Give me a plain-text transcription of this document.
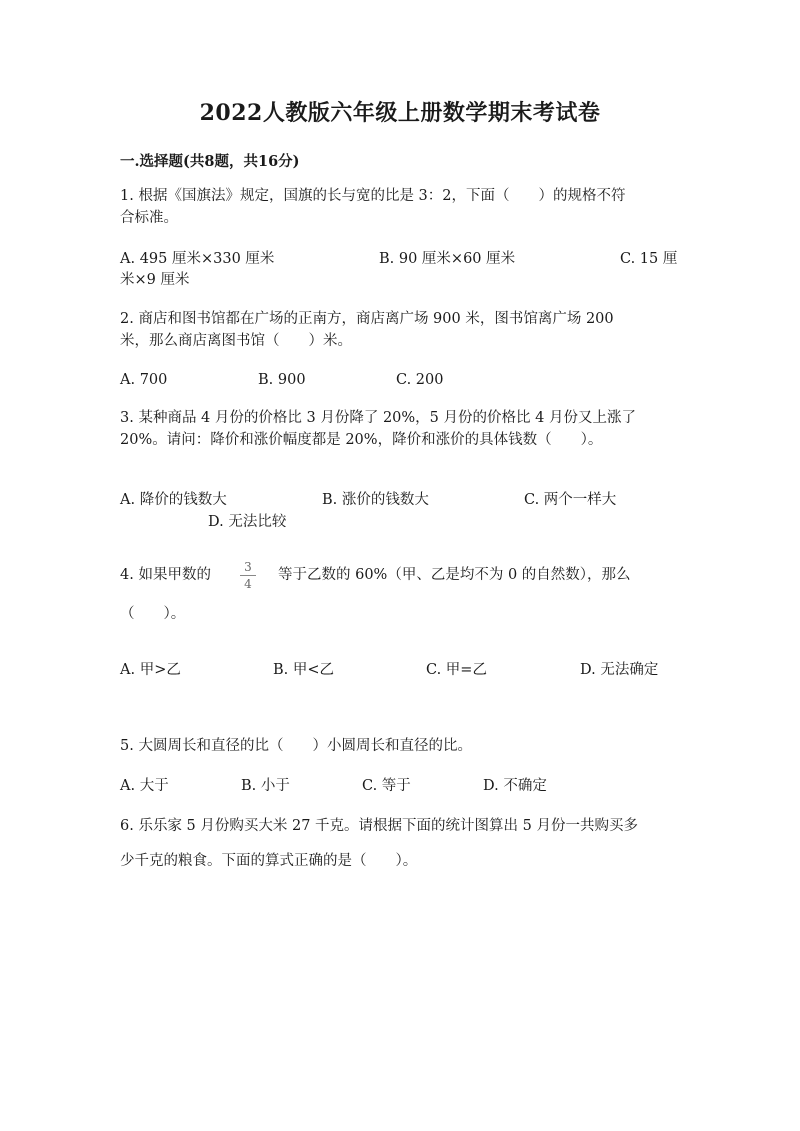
2022人教版六年级上册数学期末考试卷
一.选择题(共8题，共16分)
1. 根据《国旗法》规定，国旗的长与宽的比是 3：2，下面（　　）的规格不符
合标准。
A. 495 厘米×330 厘米	B. 90 厘米×60 厘米	C. 15 厘
米×9 厘米
2. 商店和图书馆都在广场的正南方，商店离广场 900 米，图书馆离广场 200
米，那么商店离图书馆（　　）米。
A. 700	B. 900	C. 200
3. 某种商品 4 月份的价格比 3 月份降了 20%，5 月份的价格比 4 月份又上涨了
20%。请问：降价和涨价幅度都是 20%，降价和涨价的具体钱数（　　）。
A. 降价的钱数大	B. 涨价的钱数大	C. 两个一样大
D. 无法比较
4. 如果甲数的	3
4
等于乙数的 60%（甲、乙是均不为 0 的自然数），那么
（　　）。
A. 甲>乙	B. 甲<乙	C. 甲=乙	D. 无法确定
5. 大圆周长和直径的比（　　）小圆周长和直径的比。
A. 大于	B. 小于	C. 等于	D. 不确定
6. 乐乐家 5 月份购买大米 27 千克。请根据下面的统计图算出 5 月份一共购买多
少千克的粮食。下面的算式正确的是（　　）。
